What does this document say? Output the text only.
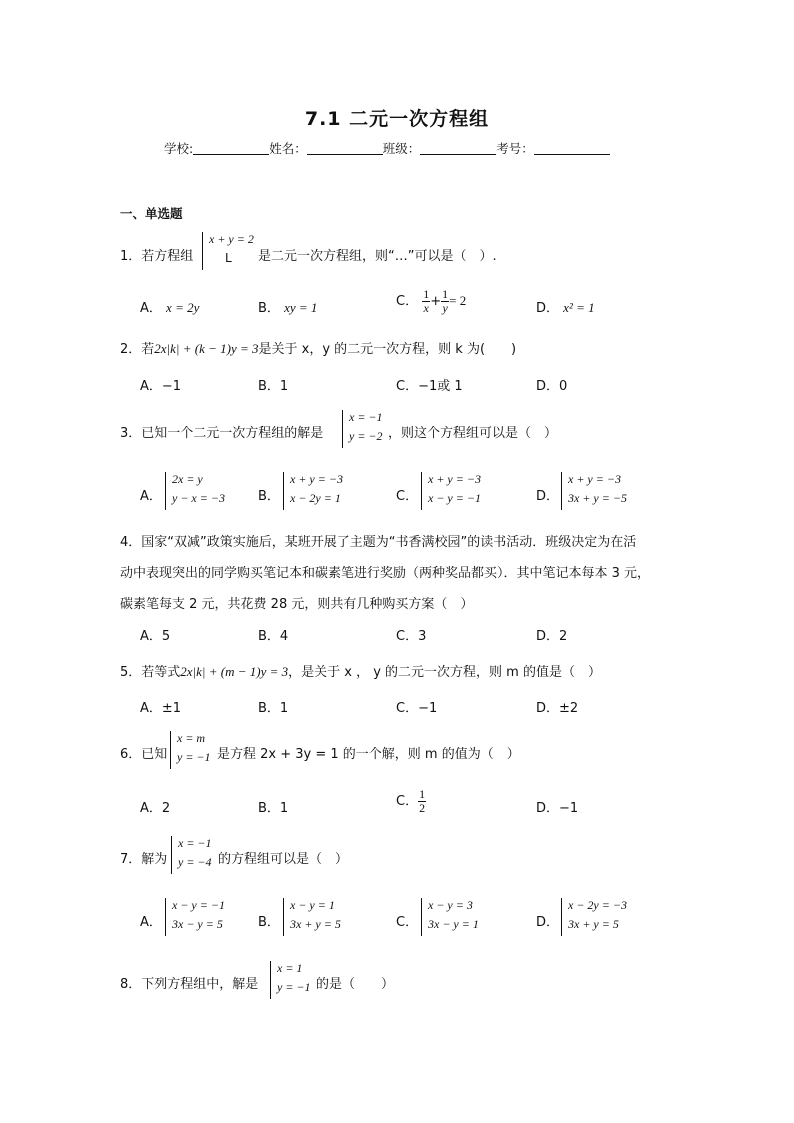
7.1 二元一次方程组
学校:	姓名：	班级：	考号：
一、单选题
1．若方程组
x + y = 2
L 是二元一次方程组，则“…”可以是（　）.
A． x = 2y	B． xy = 1	C． $\frac{1}{x} + \frac{1}{y} = 2$
D． x² = 1
2．若2x|k| + (k − 1)y = 3是关于 x，y 的二元一次方程，则 k 为(　　)
A．−1	B．1	C．−1或 1	D．0
3．已知一个二元一次方程组的解是
x = −1
y = −2 ，则这个方程组可以是（　）
A．
2x = y
y − x = −3	B．
x + y = −3
x − 2y = 1	C．
x + y = −3
x − y = −1	D．
x + y = −3
3x + y = −5
4．国家“双减”政策实施后，某班开展了主题为“书香满校园”的读书活动．班级决定为在活
动中表现突出的同学购买笔记本和碳素笔进行奖励（两种奖品都买）．其中笔记本每本 3 元，
碳素笔每支 2 元，共花费 28 元，则共有几种购买方案（　）
A．5	B．4	C．3	D．2
5．若等式2x|k| + (m − 1)y = 3，是关于 x ， y 的二元一次方程，则 m 的值是（　）
A．±1	B．1	C．−1	D．±2
6．已知
x = m
y = −1 是方程 2x + 3y = 1 的一个解，则 m 的值为（　）
A．2	B．1	C． $\frac{1}{2}$	D．−1
7．解为
x = −1
y = −4 的方程组可以是（　）
A．
x − y = −1
3x − y = 5	B．
x − y = 1
3x + y = 5	C．
x − y = 3
3x − y = 1	D．
x − 2y = −3
3x + y = 5
8．下列方程组中，解是
x = 1
y = −1 的是（　　）
